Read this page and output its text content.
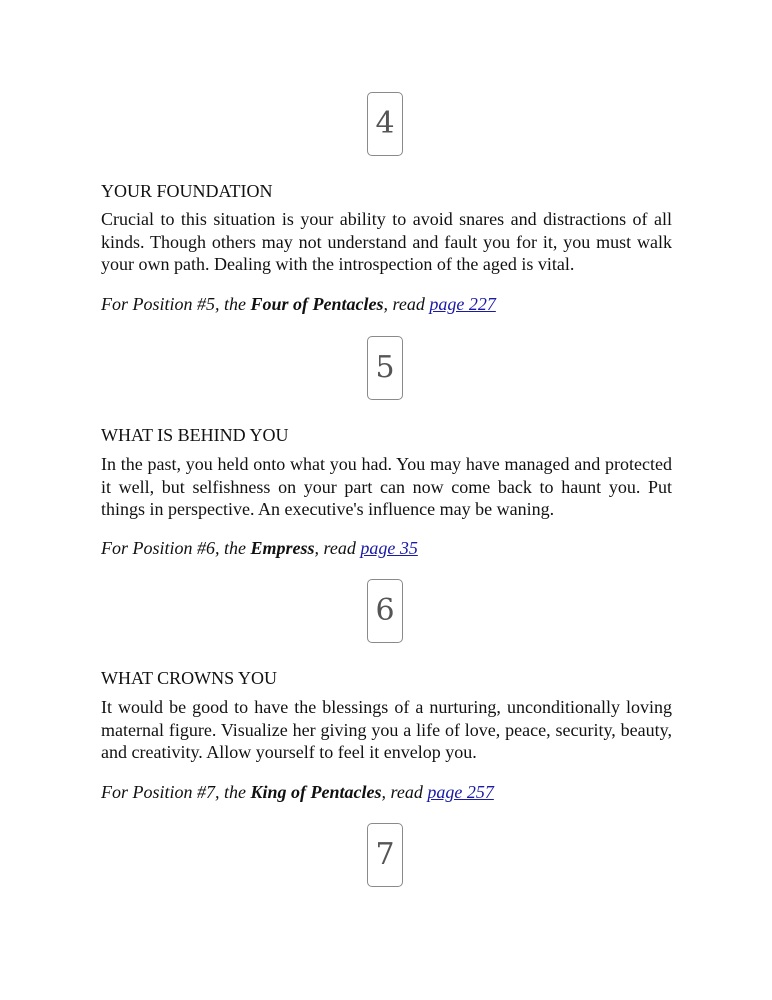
4
YOUR FOUNDATION

Crucial to this situation is your ability to avoid snares and distractions of all kinds. Though others may not understand and fault you for it, you must walk your own path. Dealing with the introspection of the aged is vital.

For Position #5, the Four of Pentacles, read page 227

5
WHAT IS BEHIND YOU

In the past, you held onto what you had. You may have managed and protected it well, but selfishness on your part can now come back to haunt you. Put things in perspective. An executive's influence may be waning.

For Position #6, the Empress, read page 35

6
WHAT CROWNS YOU

It would be good to have the blessings of a nurturing, unconditionally loving maternal figure. Visualize her giving you a life of love, peace, security, beauty, and creativity. Allow yourself to feel it envelop you.

For Position #7, the King of Pentacles, read page 257

7
